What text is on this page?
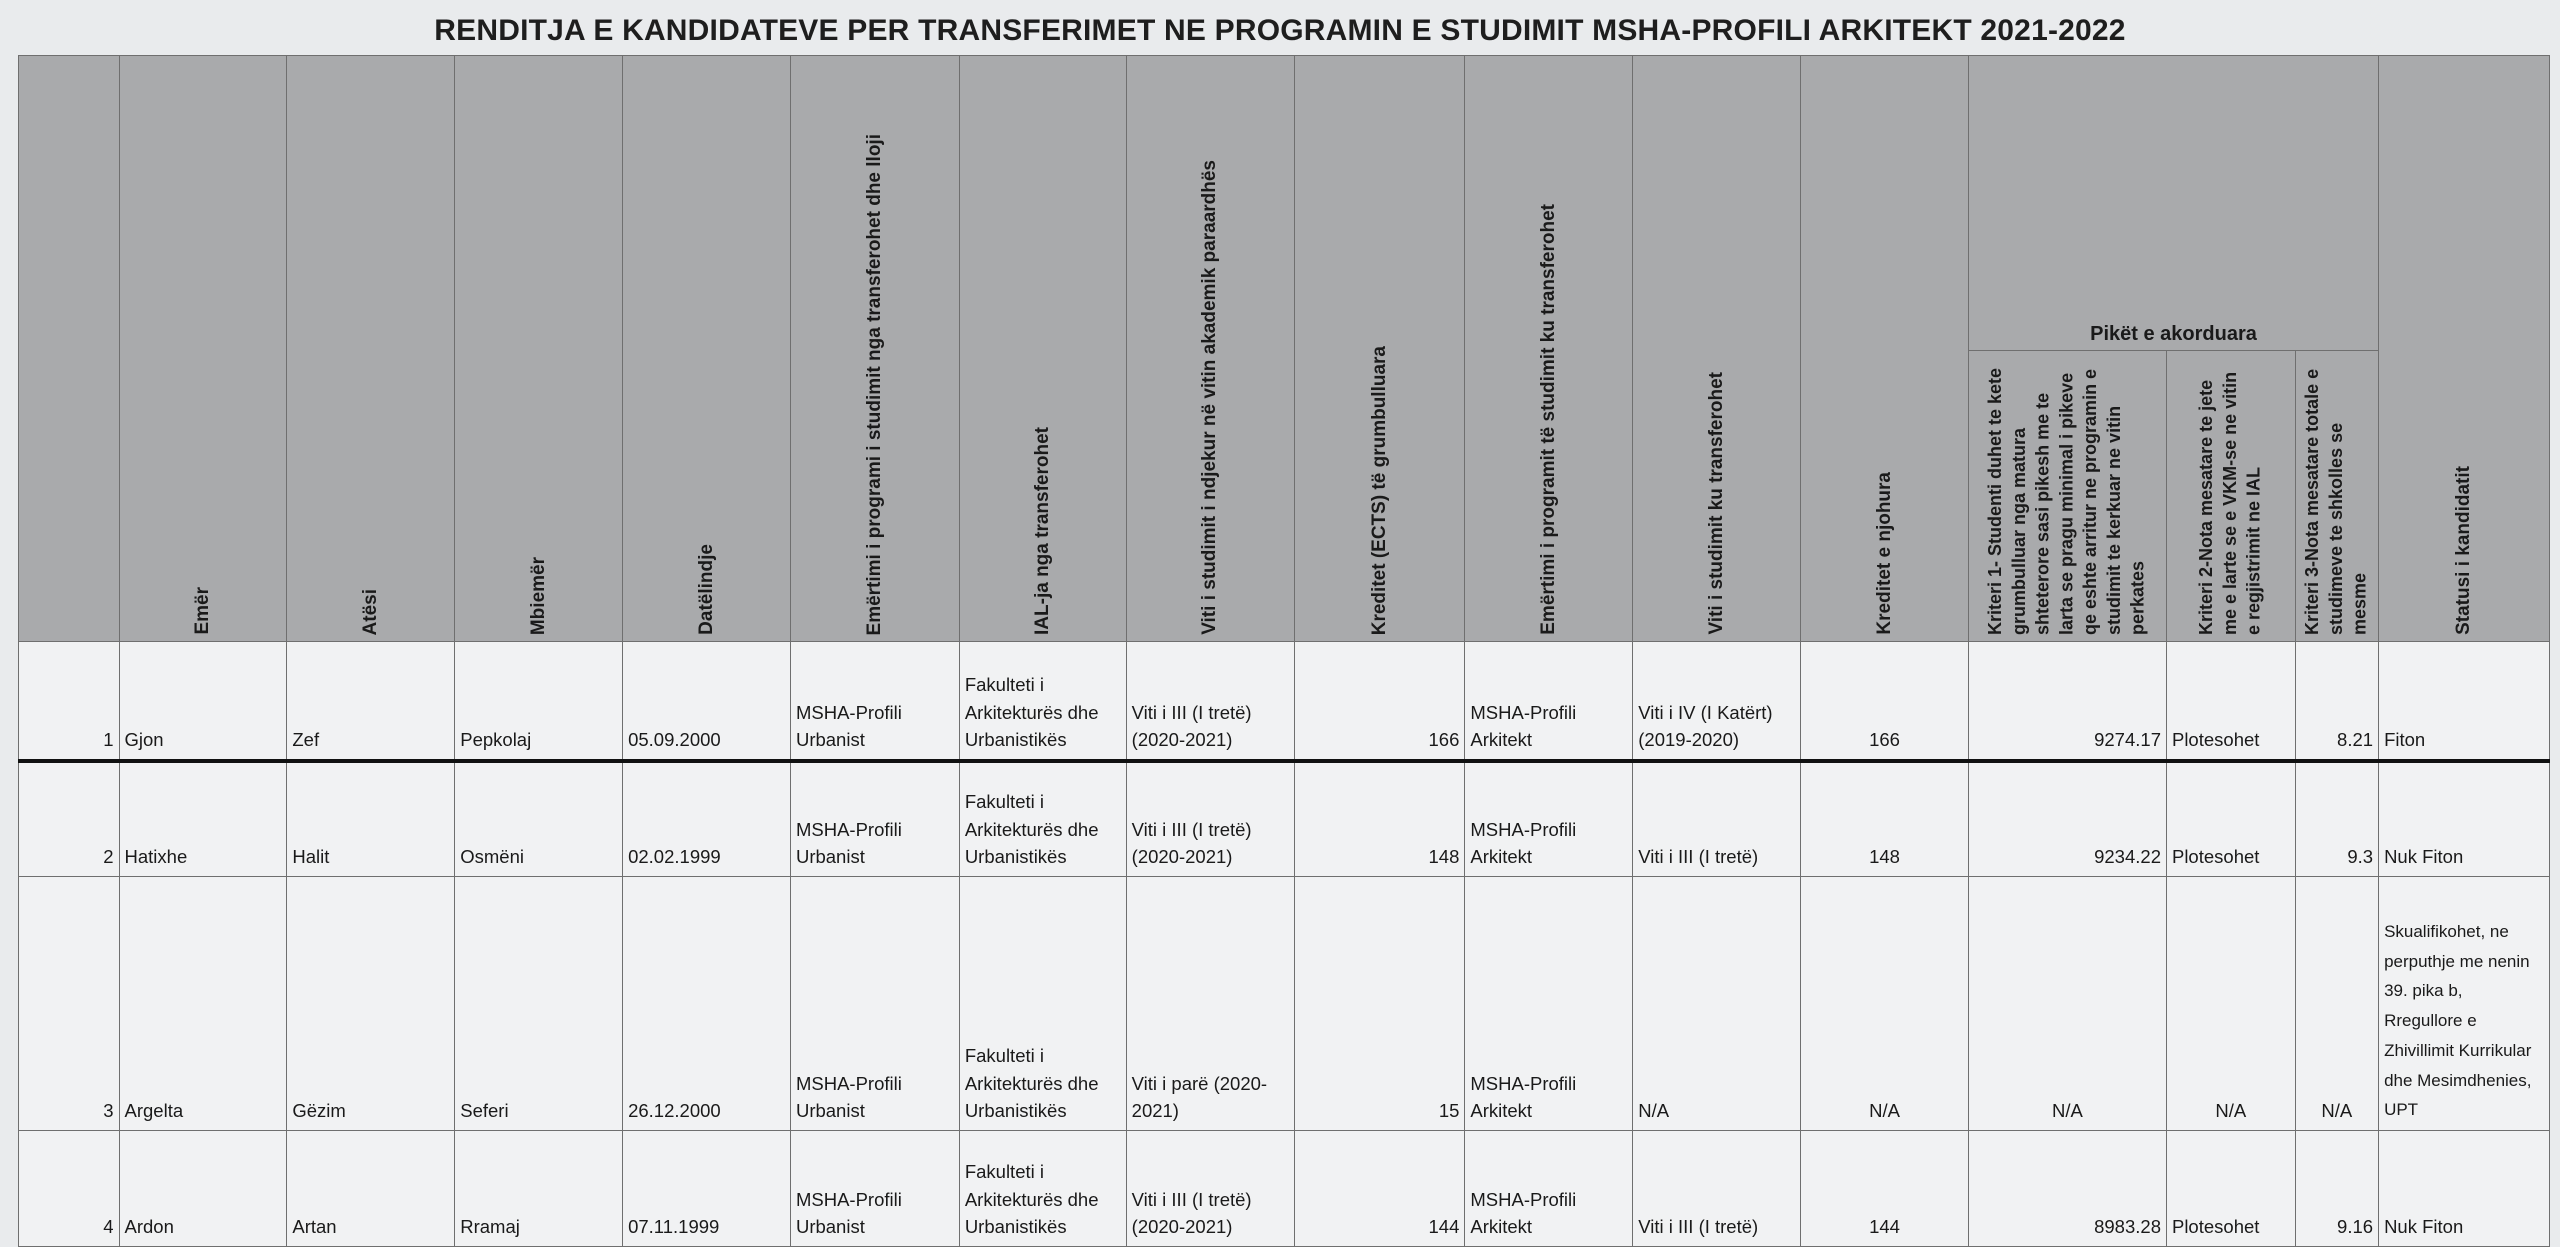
RENDITJA E KANDIDATEVE PER TRANSFERIMET NE PROGRAMIN E STUDIMIT MSHA-PROFILI ARKITEKT 2021-2022

	Emër	Atësi	Mbiemër	Datëlindje	Emërtimi i programi i studimit nga transferohet dhe lloji	IAL-ja nga transferohet	Viti i studimit i ndjekur në vitin akademik paraardhës	Kreditet (ECTS) të grumbulluara	Emërtimi i programit të studimit ku transferohet	Viti i studimit ku transferohet	Kreditet e njohura	Pikët e akorduara			Statusi i kandidatit

												Kriteri 1- Studenti duhet te kete grumbulluar nga matura shteterore sasi pikesh me te larta se pragu minimal i pikeve qe eshte arritur ne programin e studimit te kerkuar ne vitin perkates	Kriteri 2-Nota mesatare te jete me e larte se e VKM-se ne vitin e regjistrimit ne IAL	Kriteri 3-Nota mesatare totale e studimeve te shkolles se mesme	

1	Gjon	Zef	Pepkolaj	05.09.2000	MSHA-Profili Urbanist	Fakulteti i Arkitekturës dhe Urbanistikës	Viti i III (I tretë) (2020-2021)	166	MSHA-Profili Arkitekt	Viti i IV (I Katërt) (2019-2020)	166	9274.17	Plotesohet	8.21	Fiton
2	Hatixhe	Halit	Osmëni	02.02.1999	MSHA-Profili Urbanist	Fakulteti i Arkitekturës dhe Urbanistikës	Viti i III (I tretë) (2020-2021)	148	MSHA-Profili Arkitekt	Viti i III (I tretë)	148	9234.22	Plotesohet	9.3	Nuk Fiton
3	Argelta	Gëzim	Seferi	26.12.2000	MSHA-Profili Urbanist	Fakulteti i Arkitekturës dhe Urbanistikës	Viti i parë (2020-2021)	15	MSHA-Profili Arkitekt	N/A	N/A	N/A	N/A	N/A	Skualifikohet, ne perputhje me nenin 39. pika b, Rregullore e Zhivillimit Kurrikular dhe Mesimdhenies, UPT
4	Ardon	Artan	Rramaj	07.11.1999	MSHA-Profili Urbanist	Fakulteti i Arkitekturës dhe Urbanistikës	Viti i III (I tretë) (2020-2021)	144	MSHA-Profili Arkitekt	Viti i III (I tretë)	144	8983.28	Plotesohet	9.16	Nuk Fiton
